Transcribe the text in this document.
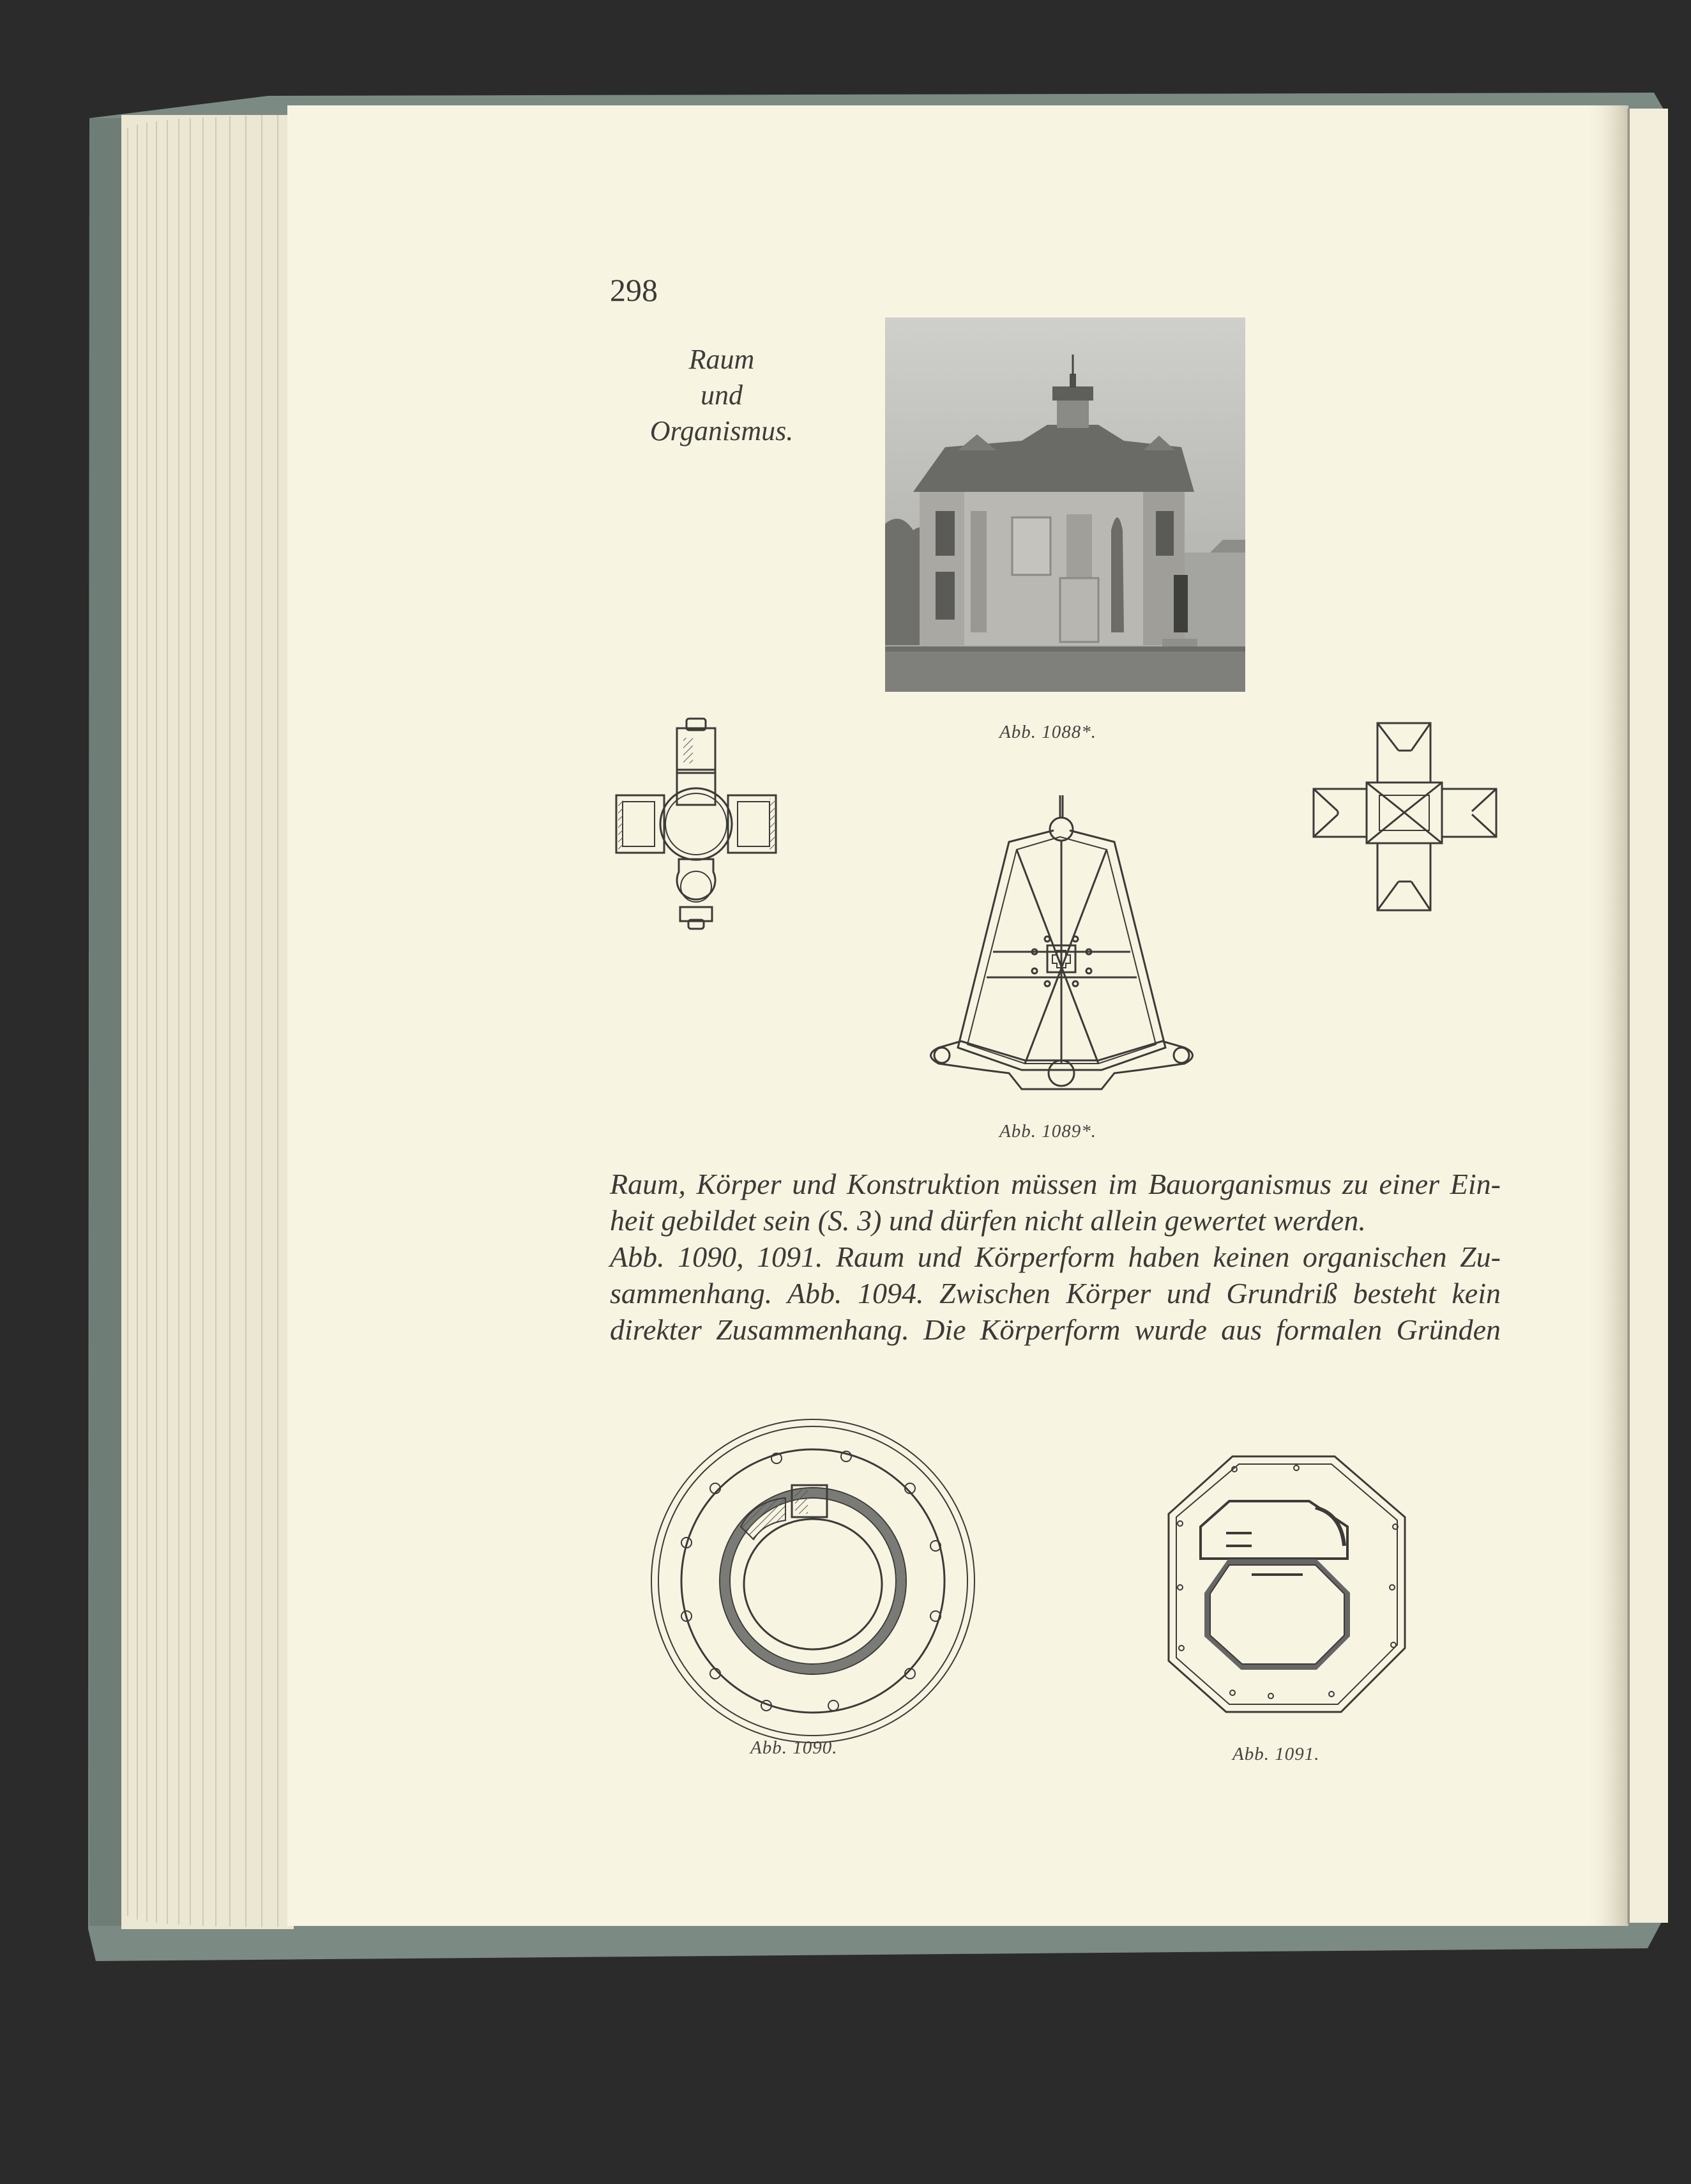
298
Raum
und
Organismus.
Abb. 1088*.
Abb. 1089*.
Abb. 1090.	Abb. 1091.
Raum, Körper und Konstruktion müssen im Bauorganismus zu einer Ein-
heit gebildet sein (S. 3) und dürfen nicht allein gewertet werden.
Abb. 1090, 1091. Raum und Körperform haben keinen organischen Zu-
sammenhang. Abb. 1094. Zwischen Körper und Grundriß besteht kein
direkter Zusammenhang. Die Körperform wurde aus formalen Gründen
